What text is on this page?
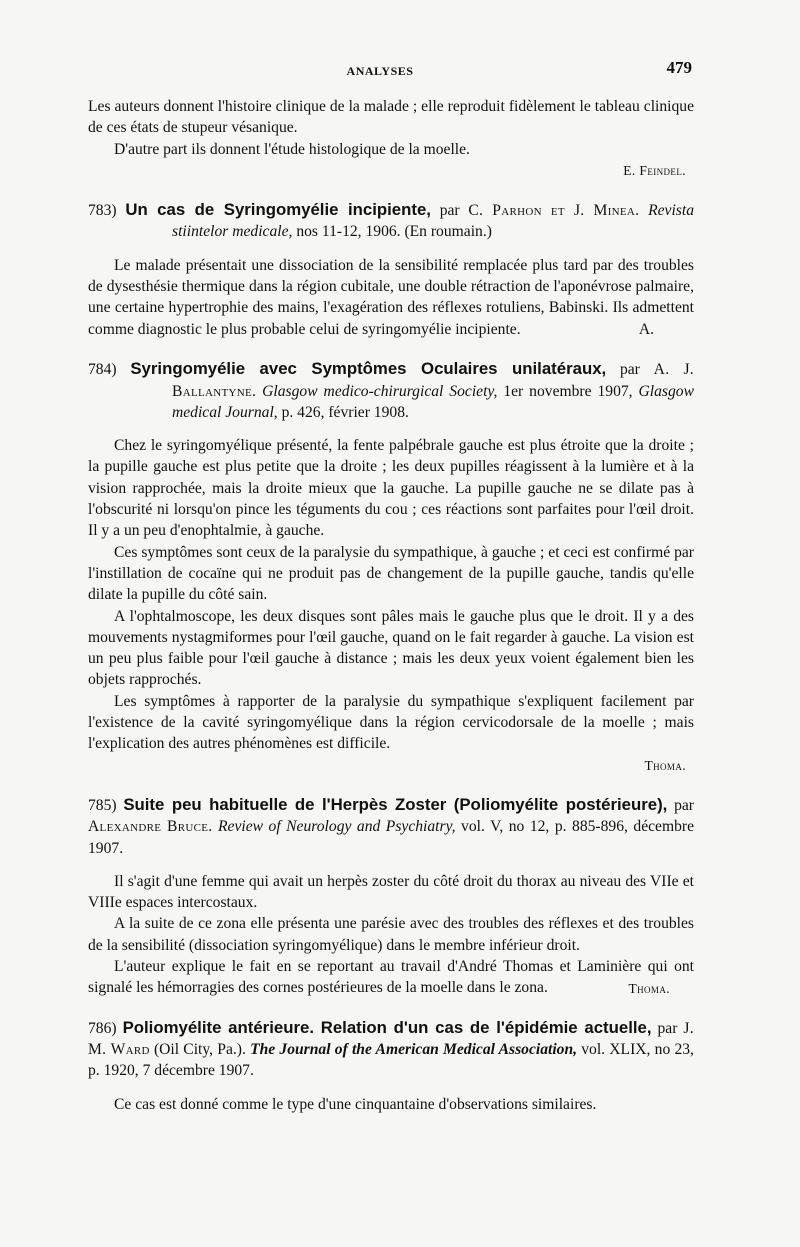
ANALYSES	479

Les auteurs donnent l'histoire clinique de la malade ; elle reproduit fidèlement le tableau clinique de ces états de stupeur vésanique.

D'autre part ils donnent l'étude histologique de la moelle.

E. Feindel.

783) Un cas de Syringomyélie incipiente, par C. Parhon et J. Minea. Revista stiintelor medicale, nos 11-12, 1906. (En roumain.)

Le malade présentait une dissociation de la sensibilité remplacée plus tard par des troubles de dysesthésie thermique dans la région cubitale, une double rétraction de l'aponévrose palmaire, une certaine hypertrophie des mains, l'exagération des réflexes rotuliens, Babinski. Ils admettent comme diagnostic le plus probable celui de syringomyélie incipiente.	A.

784) Syringomyélie avec Symptômes Oculaires unilatéraux, par A. J. Ballantyne. Glasgow medico-chirurgical Society, 1er novembre 1907, Glasgow medical Journal, p. 426, février 1908.

Chez le syringomyélique présenté, la fente palpébrale gauche est plus étroite que la droite ; la pupille gauche est plus petite que la droite ; les deux pupilles réagissent à la lumière et à la vision rapprochée, mais la droite mieux que la gauche. La pupille gauche ne se dilate pas à l'obscurité ni lorsqu'on pince les téguments du cou ; ces réactions sont parfaites pour l'œil droit. Il y a un peu d'enophtalmie, à gauche.

Ces symptômes sont ceux de la paralysie du sympathique, à gauche ; et ceci est confirmé par l'instillation de cocaïne qui ne produit pas de changement de la pupille gauche, tandis qu'elle dilate la pupille du côté sain.

A l'ophtalmoscope, les deux disques sont pâles mais le gauche plus que le droit. Il y a des mouvements nystagmiformes pour l'œil gauche, quand on le fait regarder à gauche. La vision est un peu plus faible pour l'œil gauche à distance ; mais les deux yeux voient également bien les objets rapprochés.

Les symptômes à rapporter de la paralysie du sympathique s'expliquent facilement par l'existence de la cavité syringomyélique dans la région cervicodorsale de la moelle ; mais l'explication des autres phénomènes est difficile.

Thoma.

785) Suite peu habituelle de l'Herpès Zoster (Poliomyélite postérieure), par Alexandre Bruce. Review of Neurology and Psychiatry, vol. V, no 12, p. 885-896, décembre 1907.

Il s'agit d'une femme qui avait un herpès zoster du côté droit du thorax au niveau des VIIe et VIIIe espaces intercostaux.

A la suite de ce zona elle présenta une parésie avec des troubles des réflexes et des troubles de la sensibilité (dissociation syringomyélique) dans le membre inférieur droit.

L'auteur explique le fait en se reportant au travail d'André Thomas et Laminière qui ont signalé les hémorragies des cornes postérieures de la moelle dans le zona.	Thoma.

786) Poliomyélite antérieure. Relation d'un cas de l'épidémie actuelle, par J. M. Ward (Oil City, Pa.). The Journal of the American Medical Association, vol. XLIX, no 23, p. 1920, 7 décembre 1907.

Ce cas est donné comme le type d'une cinquantaine d'observations similaires.
